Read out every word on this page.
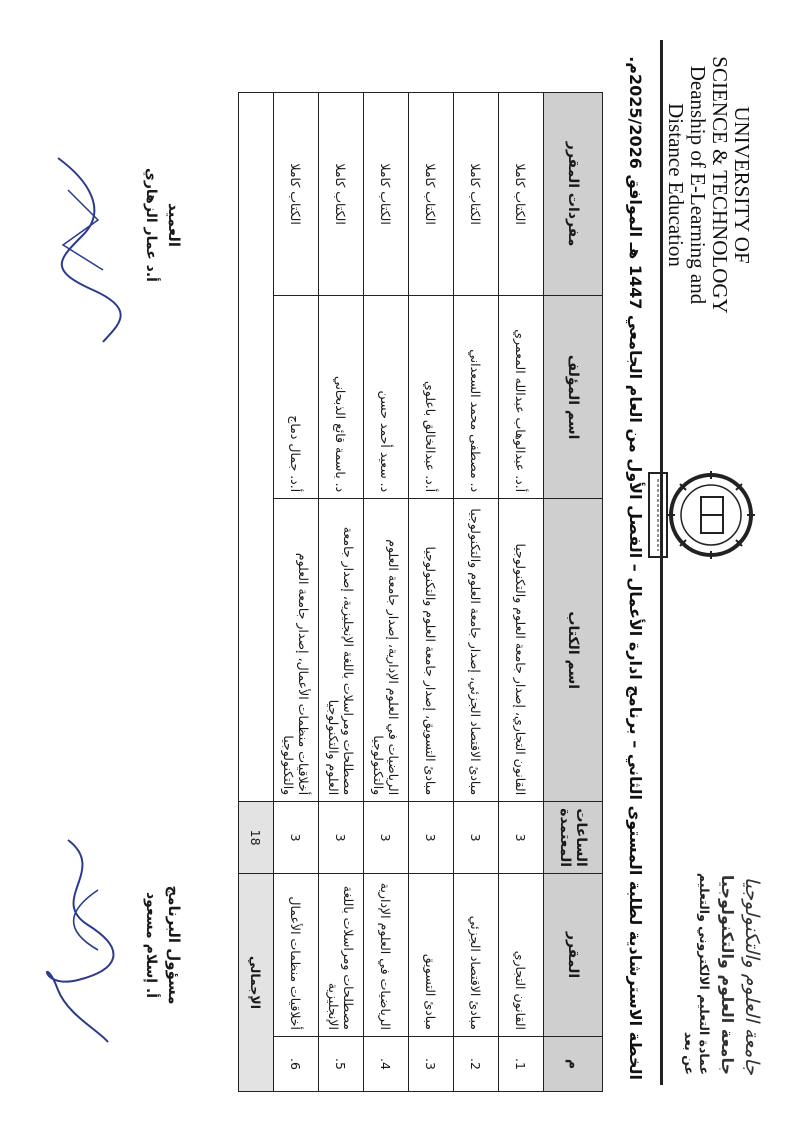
UNIVERSITY OF
SCIENCE & TECHNOLOGY
Deanship of E-Learning and
Distance Education
جامعة العلوم والتكنولوجيا
جامعة العلوم والتكنولوجيا
عمادة التعليم الالكتروني والتعليم عن بعد
الخطة الاسترشادية لطلبة المستوى الثاني – برنامج ادارة الأعمال – الفصل الأول من العام الجامعي 1447 هـ الموافق 2025/2026م.
م	المقرر	الساعات المعتمدة	اسم الكتاب	اسم المؤلف	مفردات المقرر
1.	القانون التجاري	3	القانون التجاري، إصدار جامعة العلوم والتكنولوجيا	أ.د. عبدالوهاب عبدالله المعمري	الكتاب كاملا
2.	مبادئ الاقتصاد الجزئي	3	مبادئ الاقتصاد الجزئي، إصدار جامعة العلوم والتكنولوجيا	د. مصطفى محمد السعداني	الكتاب كاملا
3.	مبادئ التسويق	3	مبادئ التسويق، إصدار جامعة العلوم والتكنولوجيا	أ.د. عبدالخالق باعلوي	الكتاب كاملا
4.	الرياضيات في العلوم الإدارية	3	الرياضيات في العلوم الإدارية، إصدار جامعة العلوم والتكنولوجيا	د. سعيد أحمد حسن	الكتاب كاملا
5.	مصطلحات ومراسلات باللغة الإنجليزية	3	مصطلحات ومراسلات باللغة الإنجليزية، إصدار جامعة العلوم والتكنولوجيا	د. باسمة قائع الذبحاني	الكتاب كاملا
6.	أخلاقيات منظمات الأعمال	3	أخلاقيات منظمات الأعمال، إصدار جامعة العلوم والتكنولوجيا	أ.د. جمال دماج	الكتاب كاملا
الإجمالي		18			
مسؤول البرنامج
أ. إسلام مسعود
العميد
أ.د عمار الزهاري
